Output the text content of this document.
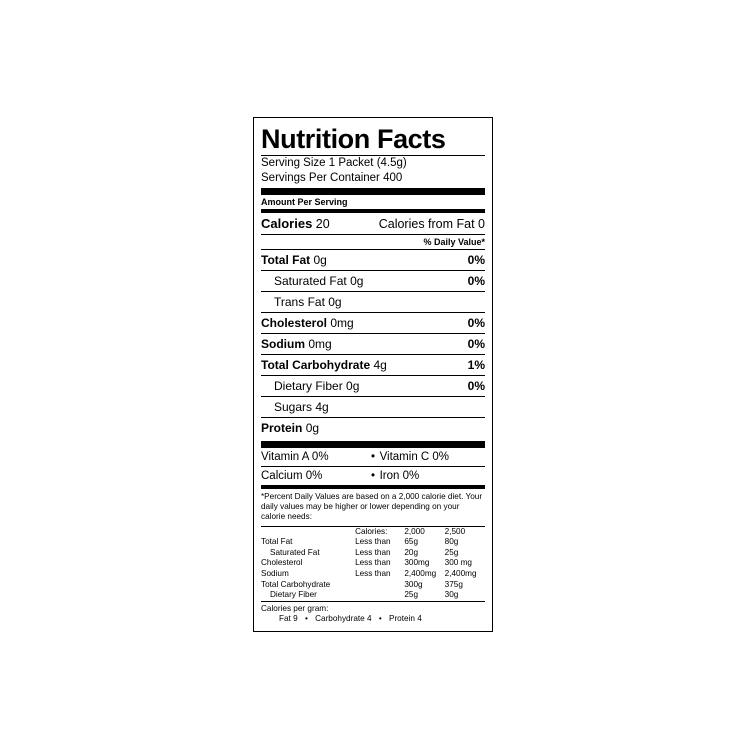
Nutrition Facts
Serving Size 1 Packet (4.5g)
Servings Per Container 400
Amount Per Serving
Calories 20	Calories from Fat 0
% Daily Value*
Total Fat 0g	0%
Saturated Fat 0g	0%
Trans Fat 0g
Cholesterol 0mg	0%
Sodium 0mg	0%
Total Carbohydrate 4g	1%
Dietary Fiber 0g	0%
Sugars 4g
Protein 0g
Vitamin A 0%	• Vitamin C 0%
Calcium 0%	• Iron 0%
*Percent Daily Values are based on a 2,000 calorie diet. Your daily values may be higher or lower depending on your calorie needs:
	Calories:	2,000	2,500
Total Fat	Less than	65g	80g
Saturated Fat	Less than	20g	25g
Cholesterol	Less than	300mg	300 mg
Sodium	Less than	2,400mg	2,400mg
Total Carbohydrate		300g	375g
Dietary Fiber		25g	30g
Calories per gram:
Fat 9 • Carbohydrate 4 • Protein 4
